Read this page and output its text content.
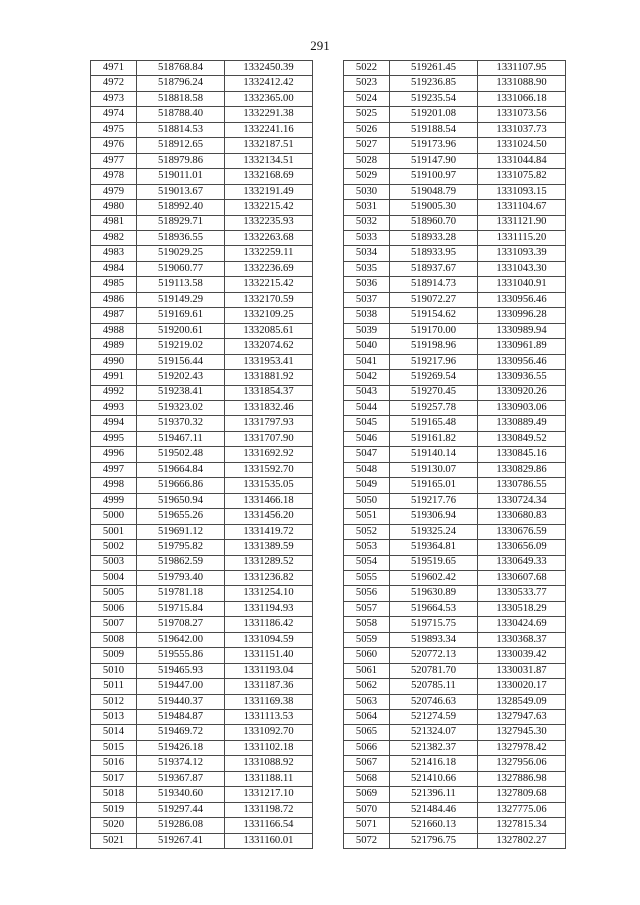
291
4971	518768.84	1332450.39
4972	518796.24	1332412.42
4973	518818.58	1332365.00
4974	518788.40	1332291.38
4975	518814.53	1332241.16
4976	518912.65	1332187.51
4977	518979.86	1332134.51
4978	519011.01	1332168.69
4979	519013.67	1332191.49
4980	518992.40	1332215.42
4981	518929.71	1332235.93
4982	518936.55	1332263.68
4983	519029.25	1332259.11
4984	519060.77	1332236.69
4985	519113.58	1332215.42
4986	519149.29	1332170.59
4987	519169.61	1332109.25
4988	519200.61	1332085.61
4989	519219.02	1332074.62
4990	519156.44	1331953.41
4991	519202.43	1331881.92
4992	519238.41	1331854.37
4993	519323.02	1331832.46
4994	519370.32	1331797.93
4995	519467.11	1331707.90
4996	519502.48	1331692.92
4997	519664.84	1331592.70
4998	519666.86	1331535.05
4999	519650.94	1331466.18
5000	519655.26	1331456.20
5001	519691.12	1331419.72
5002	519795.82	1331389.59
5003	519862.59	1331289.52
5004	519793.40	1331236.82
5005	519781.18	1331254.10
5006	519715.84	1331194.93
5007	519708.27	1331186.42
5008	519642.00	1331094.59
5009	519555.86	1331151.40
5010	519465.93	1331193.04
5011	519447.00	1331187.36
5012	519440.37	1331169.38
5013	519484.87	1331113.53
5014	519469.72	1331092.70
5015	519426.18	1331102.18
5016	519374.12	1331088.92
5017	519367.87	1331188.11
5018	519340.60	1331217.10
5019	519297.44	1331198.72
5020	519286.08	1331166.54
5021	519267.41	1331160.01
5022	519261.45	1331107.95
5023	519236.85	1331088.90
5024	519235.54	1331066.18
5025	519201.08	1331073.56
5026	519188.54	1331037.73
5027	519173.96	1331024.50
5028	519147.90	1331044.84
5029	519100.97	1331075.82
5030	519048.79	1331093.15
5031	519005.30	1331104.67
5032	518960.70	1331121.90
5033	518933.28	1331115.20
5034	518933.95	1331093.39
5035	518937.67	1331043.30
5036	518914.73	1331040.91
5037	519072.27	1330956.46
5038	519154.62	1330996.28
5039	519170.00	1330989.94
5040	519198.96	1330961.89
5041	519217.96	1330956.46
5042	519269.54	1330936.55
5043	519270.45	1330920.26
5044	519257.78	1330903.06
5045	519165.48	1330889.49
5046	519161.82	1330849.52
5047	519140.14	1330845.16
5048	519130.07	1330829.86
5049	519165.01	1330786.55
5050	519217.76	1330724.34
5051	519306.94	1330680.83
5052	519325.24	1330676.59
5053	519364.81	1330656.09
5054	519519.65	1330649.33
5055	519602.42	1330607.68
5056	519630.89	1330533.77
5057	519664.53	1330518.29
5058	519715.75	1330424.69
5059	519893.34	1330368.37
5060	520772.13	1330039.42
5061	520781.70	1330031.87
5062	520785.11	1330020.17
5063	520746.63	1328549.09
5064	521274.59	1327947.63
5065	521324.07	1327945.30
5066	521382.37	1327978.42
5067	521416.18	1327956.06
5068	521410.66	1327886.98
5069	521396.11	1327809.68
5070	521484.46	1327775.06
5071	521660.13	1327815.34
5072	521796.75	1327802.27
